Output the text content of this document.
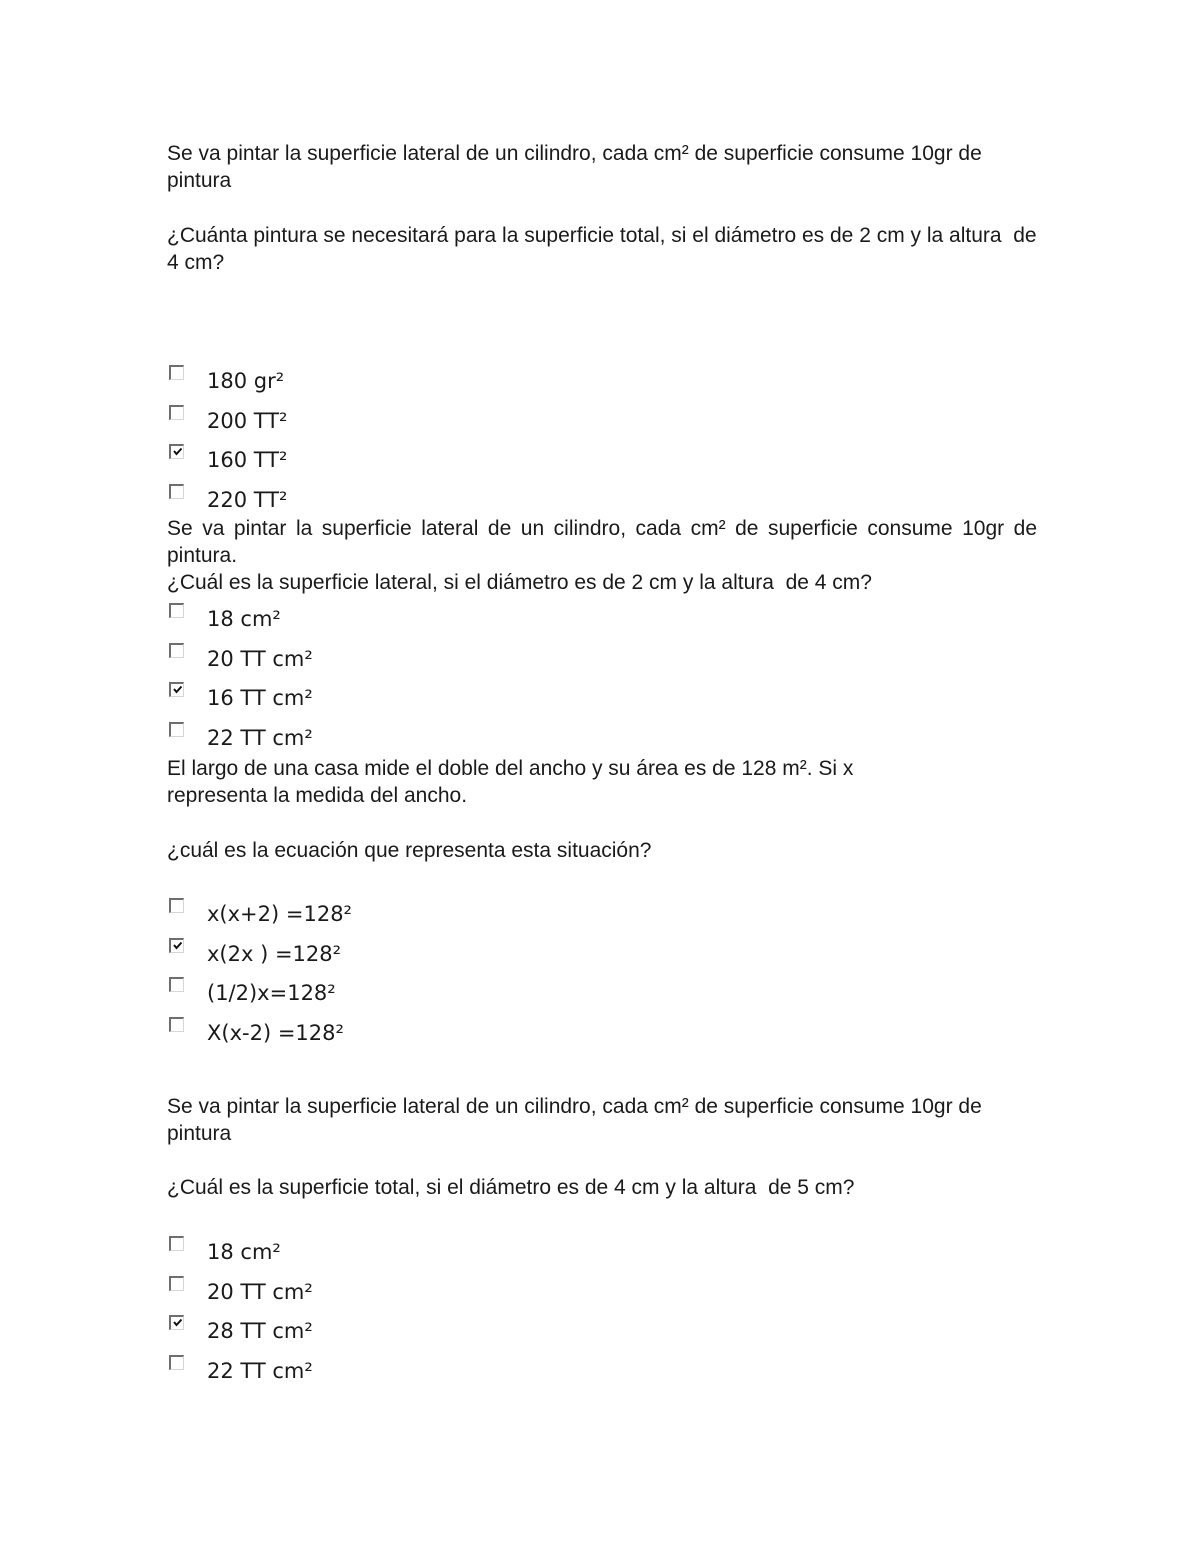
Se va pintar la superficie lateral de un cilindro, cada cm² de superficie consume 10gr de pintura

¿Cuánta pintura se necesitará para la superficie total, si el diámetro es de 2 cm y la altura  de 4 cm?

180 gr²
200 TT²
160 TT²
220 TT²

Se va pintar la superficie lateral de un cilindro, cada cm² de superficie consume 10gr de pintura.

¿Cuál es la superficie lateral, si el diámetro es de 2 cm y la altura  de 4 cm?

18 cm²
20 TT cm²
16 TT cm²
22 TT cm²

El largo de una casa mide el doble del ancho y su área es de 128 m². Si x representa la medida del ancho.

¿cuál es la ecuación que representa esta situación?

x(x+2) =128²
x(2x ) =128²
(1/2)x=128²
X(x-2) =128²

Se va pintar la superficie lateral de un cilindro, cada cm² de superficie consume 10gr de pintura

¿Cuál es la superficie total, si el diámetro es de 4 cm y la altura  de 5 cm?

18 cm²
20 TT cm²
28 TT cm²
22 TT cm²
